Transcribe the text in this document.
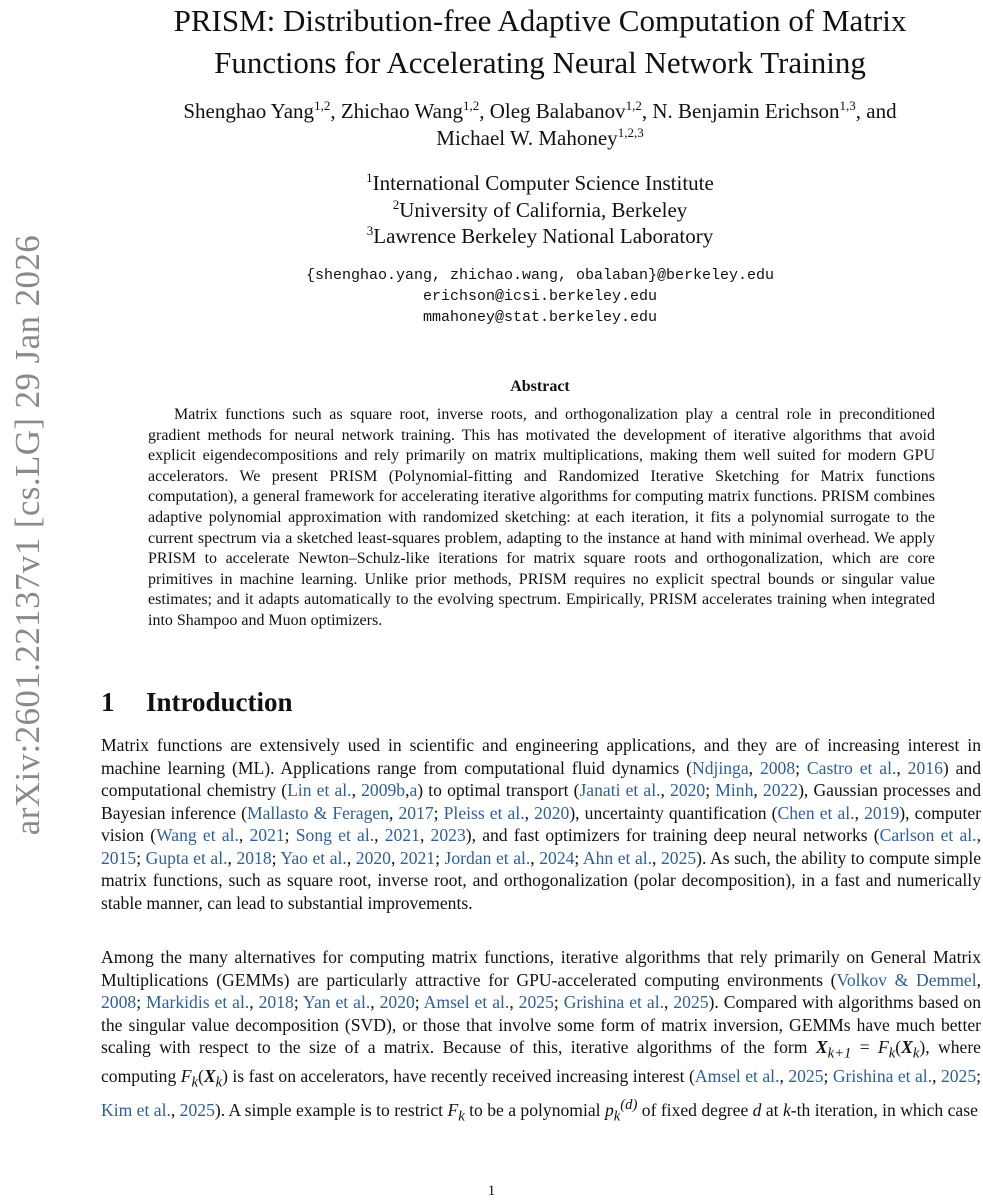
arXiv:2601.22137v1 [cs.LG] 29 Jan 2026
PRISM: Distribution-free Adaptive Computation of Matrix
Functions for Accelerating Neural Network Training
Shenghao Yang$^{1,2}$, Zhichao Wang$^{1,2}$, Oleg Balabanov$^{1,2}$, N. Benjamin Erichson$^{1,3}$, and
Michael W. Mahoney$^{1,2,3}$
$^1$International Computer Science Institute
$^2$University of California, Berkeley
$^3$Lawrence Berkeley National Laboratory
{shenghao.yang, zhichao.wang, obalaban}@berkeley.edu
erichson@icsi.berkeley.edu
mmahoney@stat.berkeley.edu
Abstract
Matrix functions such as square root, inverse roots, and orthogonalization play a central role in preconditioned gradient methods for neural network training. This has motivated the development of iterative algorithms that avoid explicit eigendecompositions and rely primarily on matrix multiplications, making them well suited for modern GPU accelerators. We present PRISM (Polynomial-fitting and Randomized Iterative Sketching for Matrix functions computation), a general framework for accelerating iterative algorithms for computing matrix functions. PRISM combines adaptive polynomial approximation with randomized sketching: at each iteration, it fits a polynomial surrogate to the current spectrum via a sketched least-squares problem, adapting to the instance at hand with minimal overhead. We apply PRISM to accelerate Newton–Schulz-like iterations for matrix square roots and orthogonalization, which are core primitives in machine learning. Unlike prior methods, PRISM requires no explicit spectral bounds or singular value estimates; and it adapts automatically to the evolving spectrum. Empirically, PRISM accelerates training when integrated into Shampoo and Muon optimizers.
1 Introduction

Matrix functions are extensively used in scientific and engineering applications, and they are of increasing interest in machine learning (ML). Applications range from computational fluid dynamics (Ndjinga, 2008; Castro et al., 2016) and computational chemistry (Lin et al., 2009b,a) to optimal transport (Janati et al., 2020; Minh, 2022), Gaussian processes and Bayesian inference (Mallasto & Feragen, 2017; Pleiss et al., 2020), uncertainty quantification (Chen et al., 2019), computer vision (Wang et al., 2021; Song et al., 2021, 2023), and fast optimizers for training deep neural networks (Carlson et al., 2015; Gupta et al., 2018; Yao et al., 2020, 2021; Jordan et al., 2024; Ahn et al., 2025). As such, the ability to compute simple matrix functions, such as square root, inverse root, and orthogonalization (polar decomposition), in a fast and numerically stable manner, can lead to substantial improvements.

Among the many alternatives for computing matrix functions, iterative algorithms that rely primarily on General Matrix Multiplications (GEMMs) are particularly attractive for GPU-accelerated computing environments (Volkov & Demmel, 2008; Markidis et al., 2018; Yan et al., 2020; Amsel et al., 2025; Grishina et al., 2025). Compared with algorithms based on the singular value decomposition (SVD), or those that involve some form of matrix inversion, GEMMs have much better scaling with respect to the size of a matrix. Because of this, iterative algorithms of the form $X_{k+1} = F_k(X_k)$, where computing $F_k(X_k)$ is fast on accelerators, have recently received increasing interest (Amsel et al., 2025; Grishina et al., 2025; Kim et al., 2025). A simple example is to restrict $F_k$ to be a polynomial $p_k^{(d)}$ of fixed degree d at k-th iteration, in which case

1
